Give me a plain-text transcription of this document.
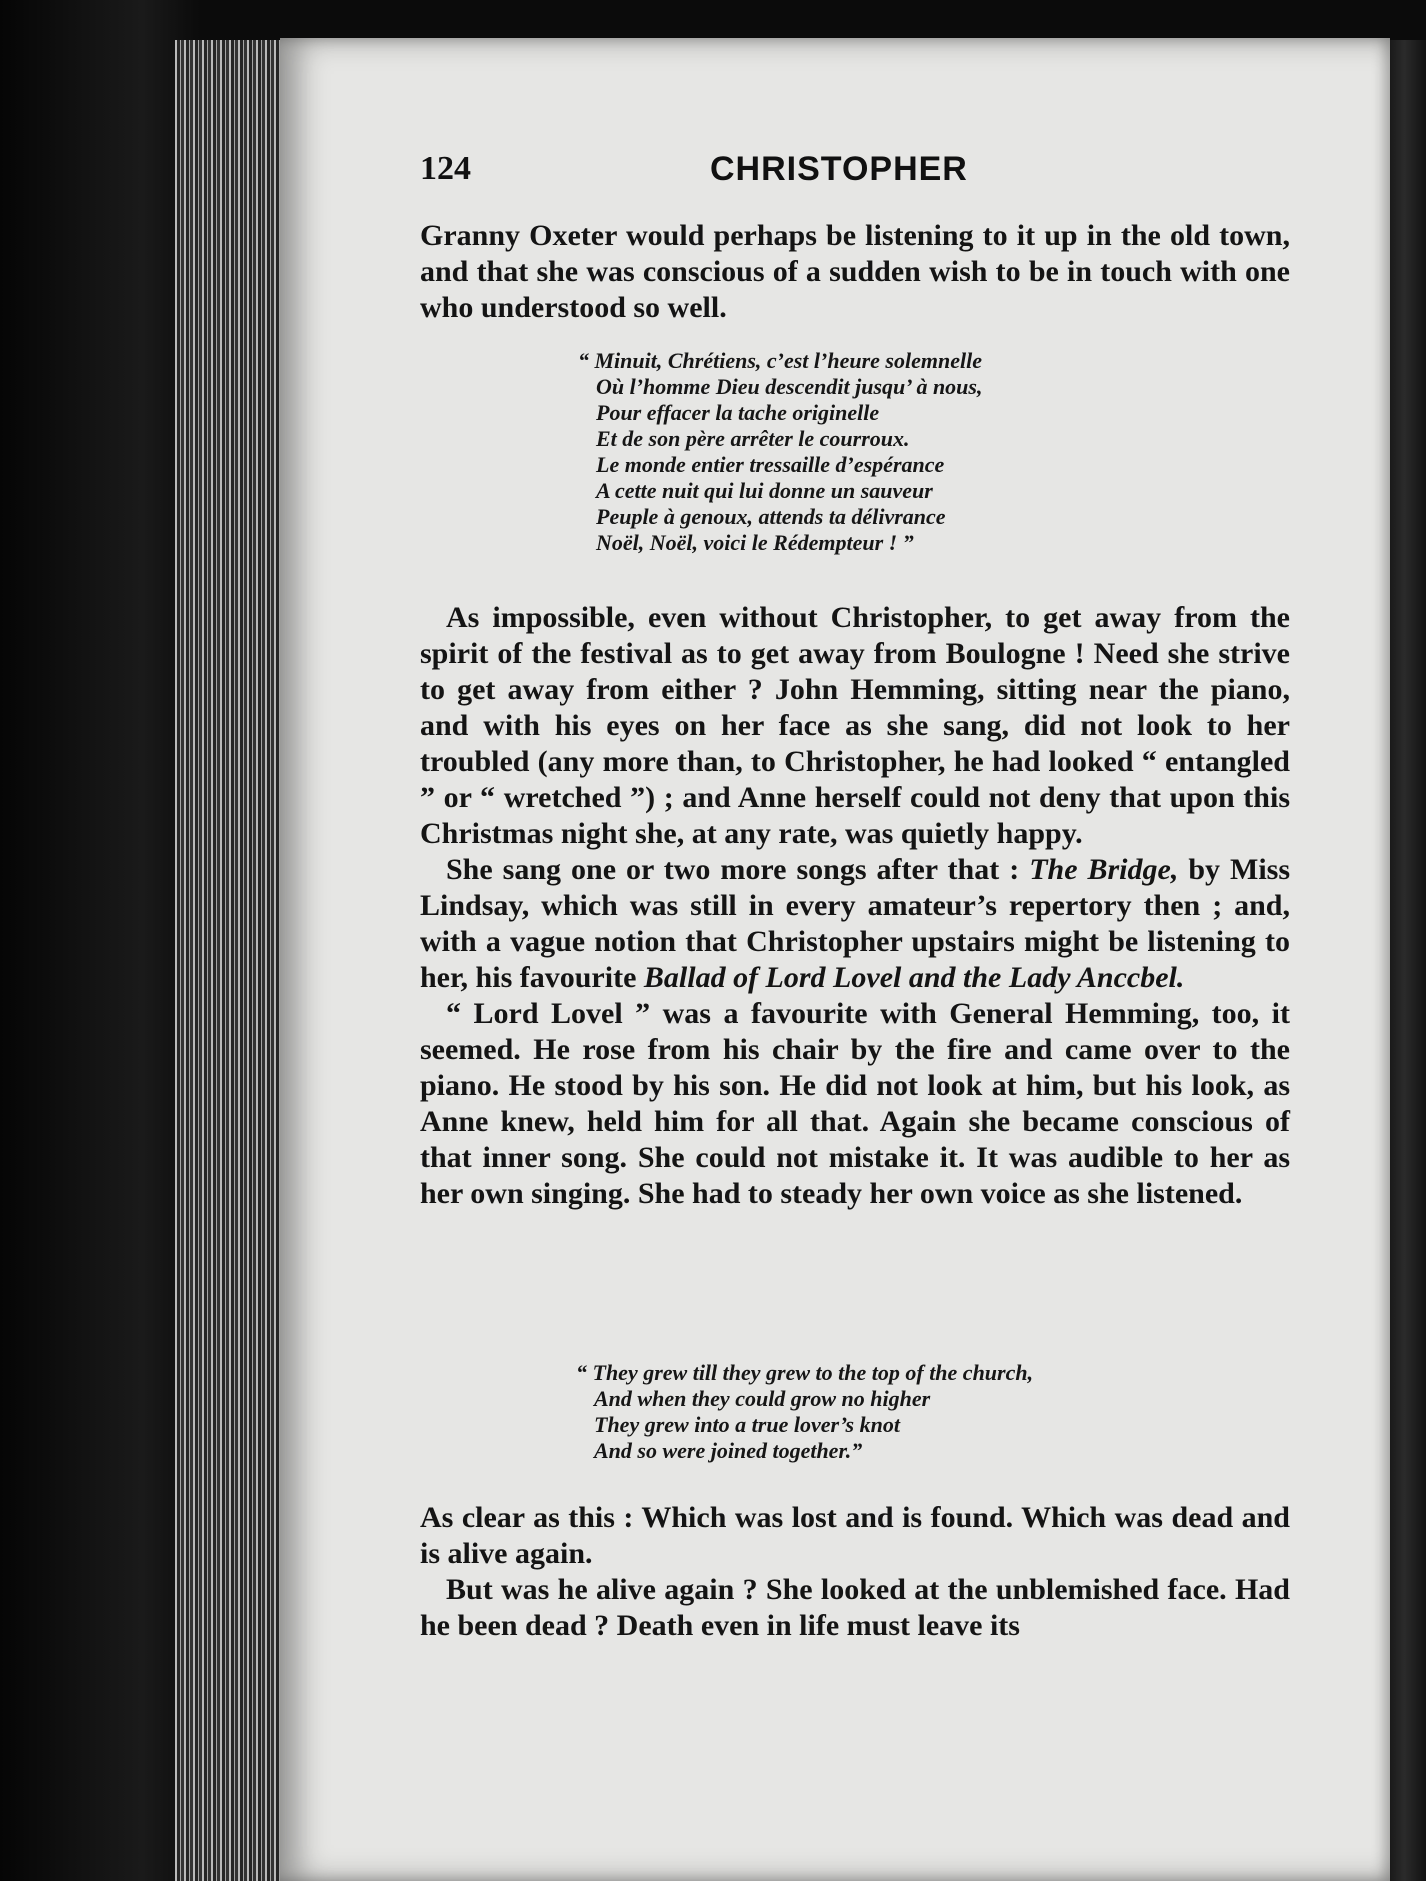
124	CHRISTOPHER

Granny Oxeter would perhaps be listening to it up in the old town, and that she was conscious of a sudden wish to be in touch with one who understood so well.

“ Minuit, Chrétiens, c’est l’heure solemnelle
Où l’homme Dieu descendit jusqu’ à nous,
Pour effacer la tache originelle
Et de son père arrêter le courroux.
Le monde entier tressaille d’espérance
A cette nuit qui lui donne un sauveur
Peuple à genoux, attends ta délivrance
Noël, Noël, voici le Rédempteur ! ”

As impossible, even without Christopher, to get away from the spirit of the festival as to get away from Boulogne ! Need she strive to get away from either ? John Hemming, sitting near the piano, and with his eyes on her face as she sang, did not look to her troubled (any more than, to Christopher, he had looked “ entangled ” or “ wretched ”) ; and Anne herself could not deny that upon this Christmas night she, at any rate, was quietly happy.

She sang one or two more songs after that : The Bridge, by Miss Lindsay, which was still in every amateur’s repertory then ; and, with a vague notion that Christopher upstairs might be listening to her, his favourite Ballad of Lord Lovel and the Lady Anccbel.

“ Lord Lovel ” was a favourite with General Hemming, too, it seemed. He rose from his chair by the fire and came over to the piano. He stood by his son. He did not look at him, but his look, as Anne knew, held him for all that. Again she became conscious of that inner song. She could not mistake it. It was audible to her as her own singing. She had to steady her own voice as she listened.

“ They grew till they grew to the top of the church,
And when they could grow no higher
They grew into a true lover’s knot
And so were joined together.”

As clear as this : Which was lost and is found. Which was dead and is alive again.

But was he alive again ? She looked at the unblemished face. Had he been dead ? Death even in life must leave its
